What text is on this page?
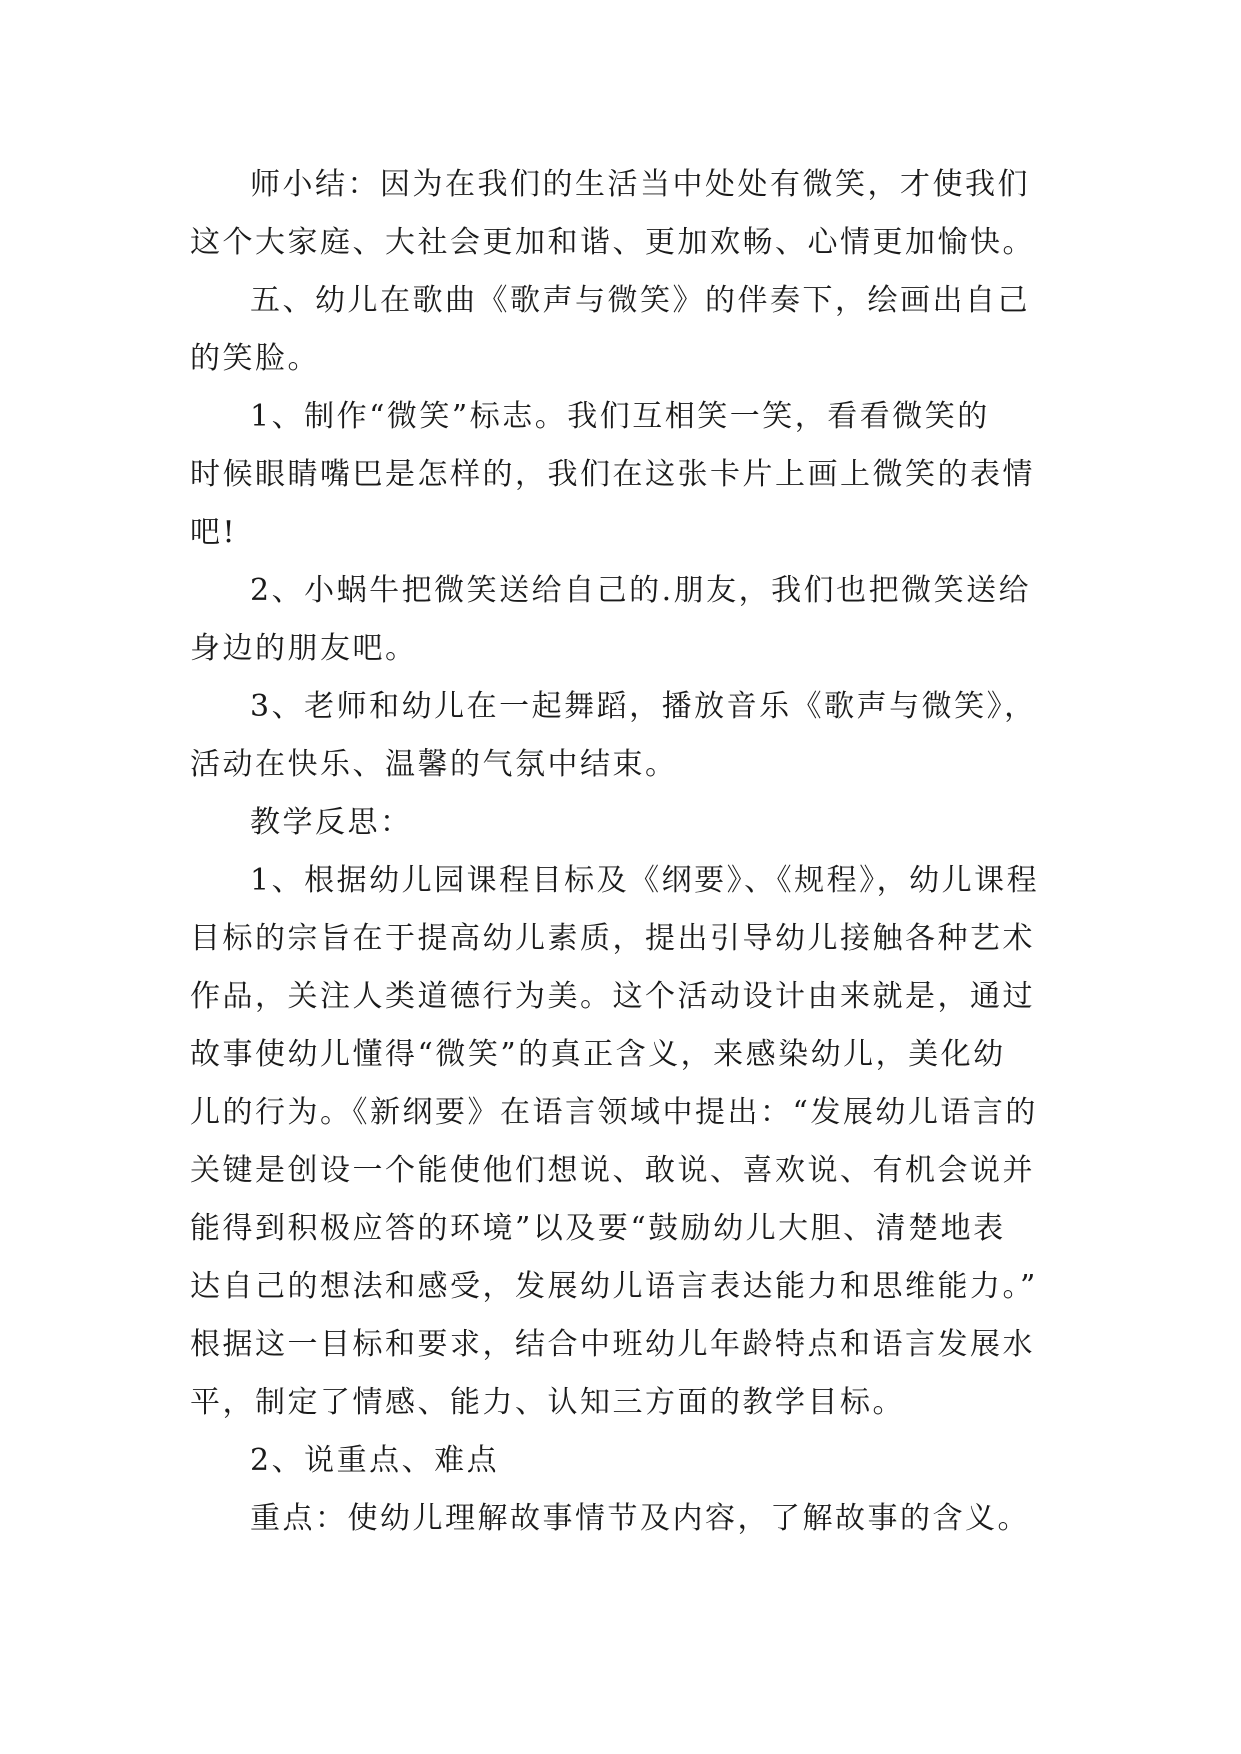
师小结：因为在我们的生活当中处处有微笑，才使我们
这个大家庭、大社会更加和谐、更加欢畅、心情更加愉快。
五、幼儿在歌曲《歌声与微笑》的伴奏下，绘画出自己
的笑脸。
1、制作“微笑”标志。我们互相笑一笑，看看微笑的
时候眼睛嘴巴是怎样的，我们在这张卡片上画上微笑的表情
吧!
2、小蜗牛把微笑送给自己的.朋友，我们也把微笑送给
身边的朋友吧。
3、老师和幼儿在一起舞蹈，播放音乐《歌声与微笑》，
活动在快乐、温馨的气氛中结束。
教学反思：
1、根据幼儿园课程目标及《纲要》、《规程》，幼儿课程
目标的宗旨在于提高幼儿素质，提出引导幼儿接触各种艺术
作品，关注人类道德行为美。这个活动设计由来就是，通过
故事使幼儿懂得“微笑”的真正含义，来感染幼儿，美化幼
儿的行为。《新纲要》在语言领域中提出：“发展幼儿语言的
关键是创设一个能使他们想说、敢说、喜欢说、有机会说并
能得到积极应答的环境”以及要“鼓励幼儿大胆、清楚地表
达自己的想法和感受，发展幼儿语言表达能力和思维能力。”
根据这一目标和要求，结合中班幼儿年龄特点和语言发展水
平，制定了情感、能力、认知三方面的教学目标。
2、说重点、难点
重点：使幼儿理解故事情节及内容，了解故事的含义。
